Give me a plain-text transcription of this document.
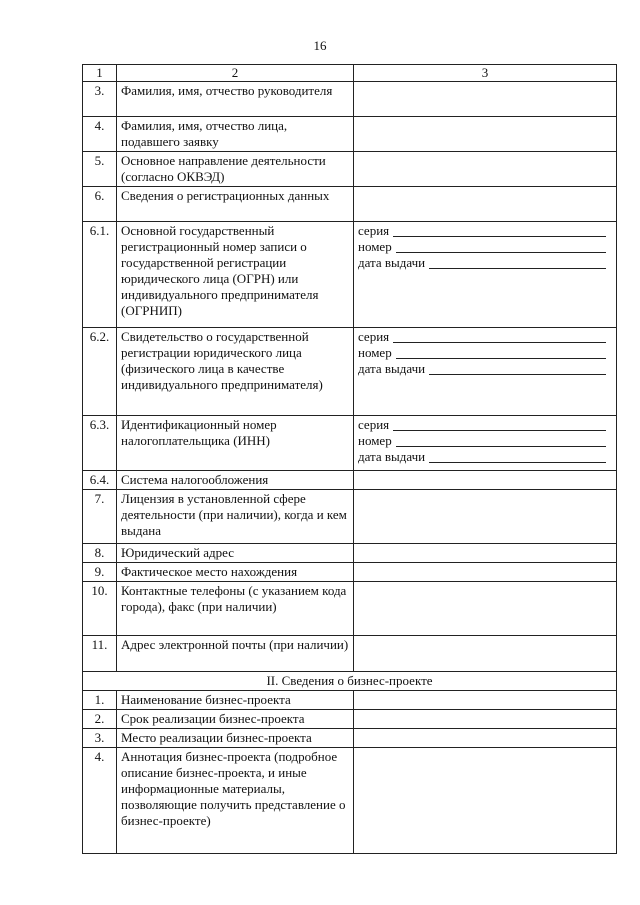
16
1	2	3
3.	Фамилия, имя, отчество руководителя	
4.	Фамилия, имя, отчество лица, подавшего заявку	
5.	Основное направление деятельности (согласно ОКВЭД)	
6.	Сведения о регистрационных данных	
6.1.	Основной государственный регистрационный номер записи о государственной регистрации юридического лица (ОГРН) или индивидуального предпринимателя (ОГРНИП)	серия
номер
дата выдачи

6.2.	Свидетельство о государственной регистрации юридического лица (физического лица в качестве индивидуального предпринимателя)	серия
номер
дата выдачи

6.3.	Идентификационный номер налогоплательщика (ИНН)	серия
номер
дата выдачи

6.4.	Система налогообложения	
7.	Лицензия в установленной сфере деятельности (при наличии), когда и кем выдана	
8.	Юридический адрес	
9.	Фактическое место нахождения	
10.	Контактные телефоны (с указанием кода города), факс (при наличии)	
11.	Адрес электронной почты (при наличии)	
II. Сведения о бизнес-проекте		
1.	Наименование бизнес-проекта	
2.	Срок реализации бизнес-проекта	
3.	Место реализации бизнес-проекта	
4.	Аннотация бизнес-проекта (подробное описание бизнес-проекта, и иные информационные материалы, позволяющие получить представление о бизнес-проекте)	
